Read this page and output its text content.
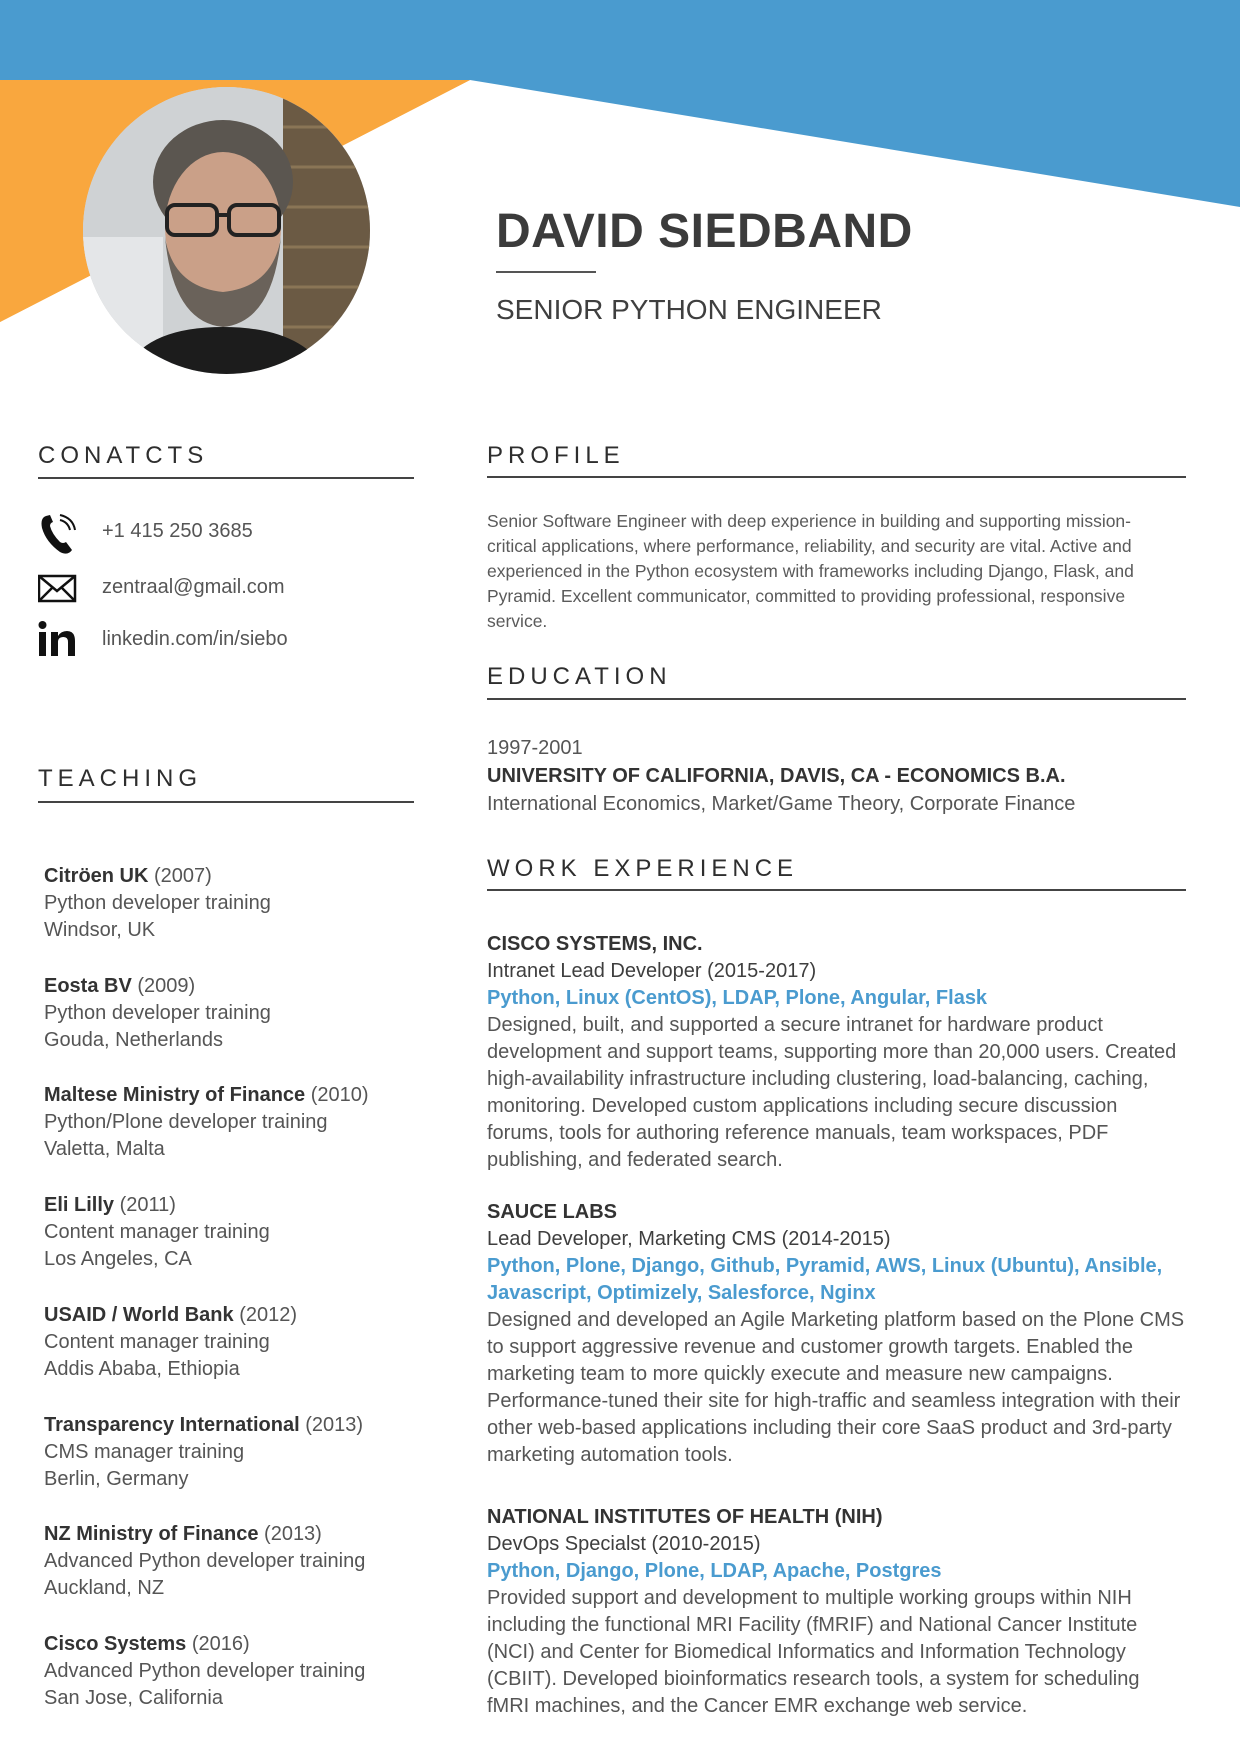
DAVID SIEDBAND
SENIOR PYTHON ENGINEER
CONATCTS
+1 415 250 3685
zentraal@gmail.com
linkedin.com/in/siebo
TEACHING
Citröen UK (2007)
Python developer training
Windsor, UK
Eosta BV (2009)
Python developer training
Gouda, Netherlands
Maltese Ministry of Finance (2010)
Python/Plone developer training
Valetta, Malta
Eli Lilly (2011)
Content manager training
Los Angeles, CA
USAID / World Bank (2012)
Content manager training
Addis Ababa, Ethiopia
Transparency International (2013)
CMS manager training
Berlin, Germany
NZ Ministry of Finance (2013)
Advanced Python developer training
Auckland, NZ
Cisco Systems (2016)
Advanced Python developer training
San Jose, California
PROFILE
Senior Software Engineer with deep experience in building and supporting mission-critical applications, where performance, reliability, and security are vital. Active and experienced in the Python ecosystem with frameworks including Django, Flask, and Pyramid. Excellent communicator, committed to providing professional, responsive service.
EDUCATION
1997-2001
UNIVERSITY OF CALIFORNIA, DAVIS, CA - ECONOMICS B.A.
International Economics, Market/Game Theory, Corporate Finance
WORK EXPERIENCE
CISCO SYSTEMS, INC.
Intranet Lead Developer (2015-2017)
Python, Linux (CentOS), LDAP, Plone, Angular, Flask
Designed, built, and supported a secure intranet for hardware product development and support teams, supporting more than 20,000 users. Created high-availability infrastructure including clustering, load-balancing, caching, monitoring. Developed custom applications including secure discussion forums, tools for authoring reference manuals, team workspaces, PDF publishing, and federated search.
SAUCE LABS
Lead Developer, Marketing CMS (2014-2015)
Python, Plone, Django, Github, Pyramid, AWS, Linux (Ubuntu), Ansible, Javascript, Optimizely, Salesforce, Nginx
Designed and developed an Agile Marketing platform based on the Plone CMS to support aggressive revenue and customer growth targets. Enabled the marketing team to more quickly execute and measure new campaigns. Performance-tuned their site for high-traffic and seamless integration with their other web-based applications including their core SaaS product and 3rd-party marketing automation tools.
NATIONAL INSTITUTES OF HEALTH (NIH)
DevOps Specialst (2010-2015)
Python, Django, Plone, LDAP, Apache, Postgres
Provided support and development to multiple working groups within NIH including the functional MRI Facility (fMRIF) and National Cancer Institute (NCI) and Center for Biomedical Informatics and Information Technology (CBIIT). Developed bioinformatics research tools, a system for scheduling fMRI machines, and the Cancer EMR exchange web service.
